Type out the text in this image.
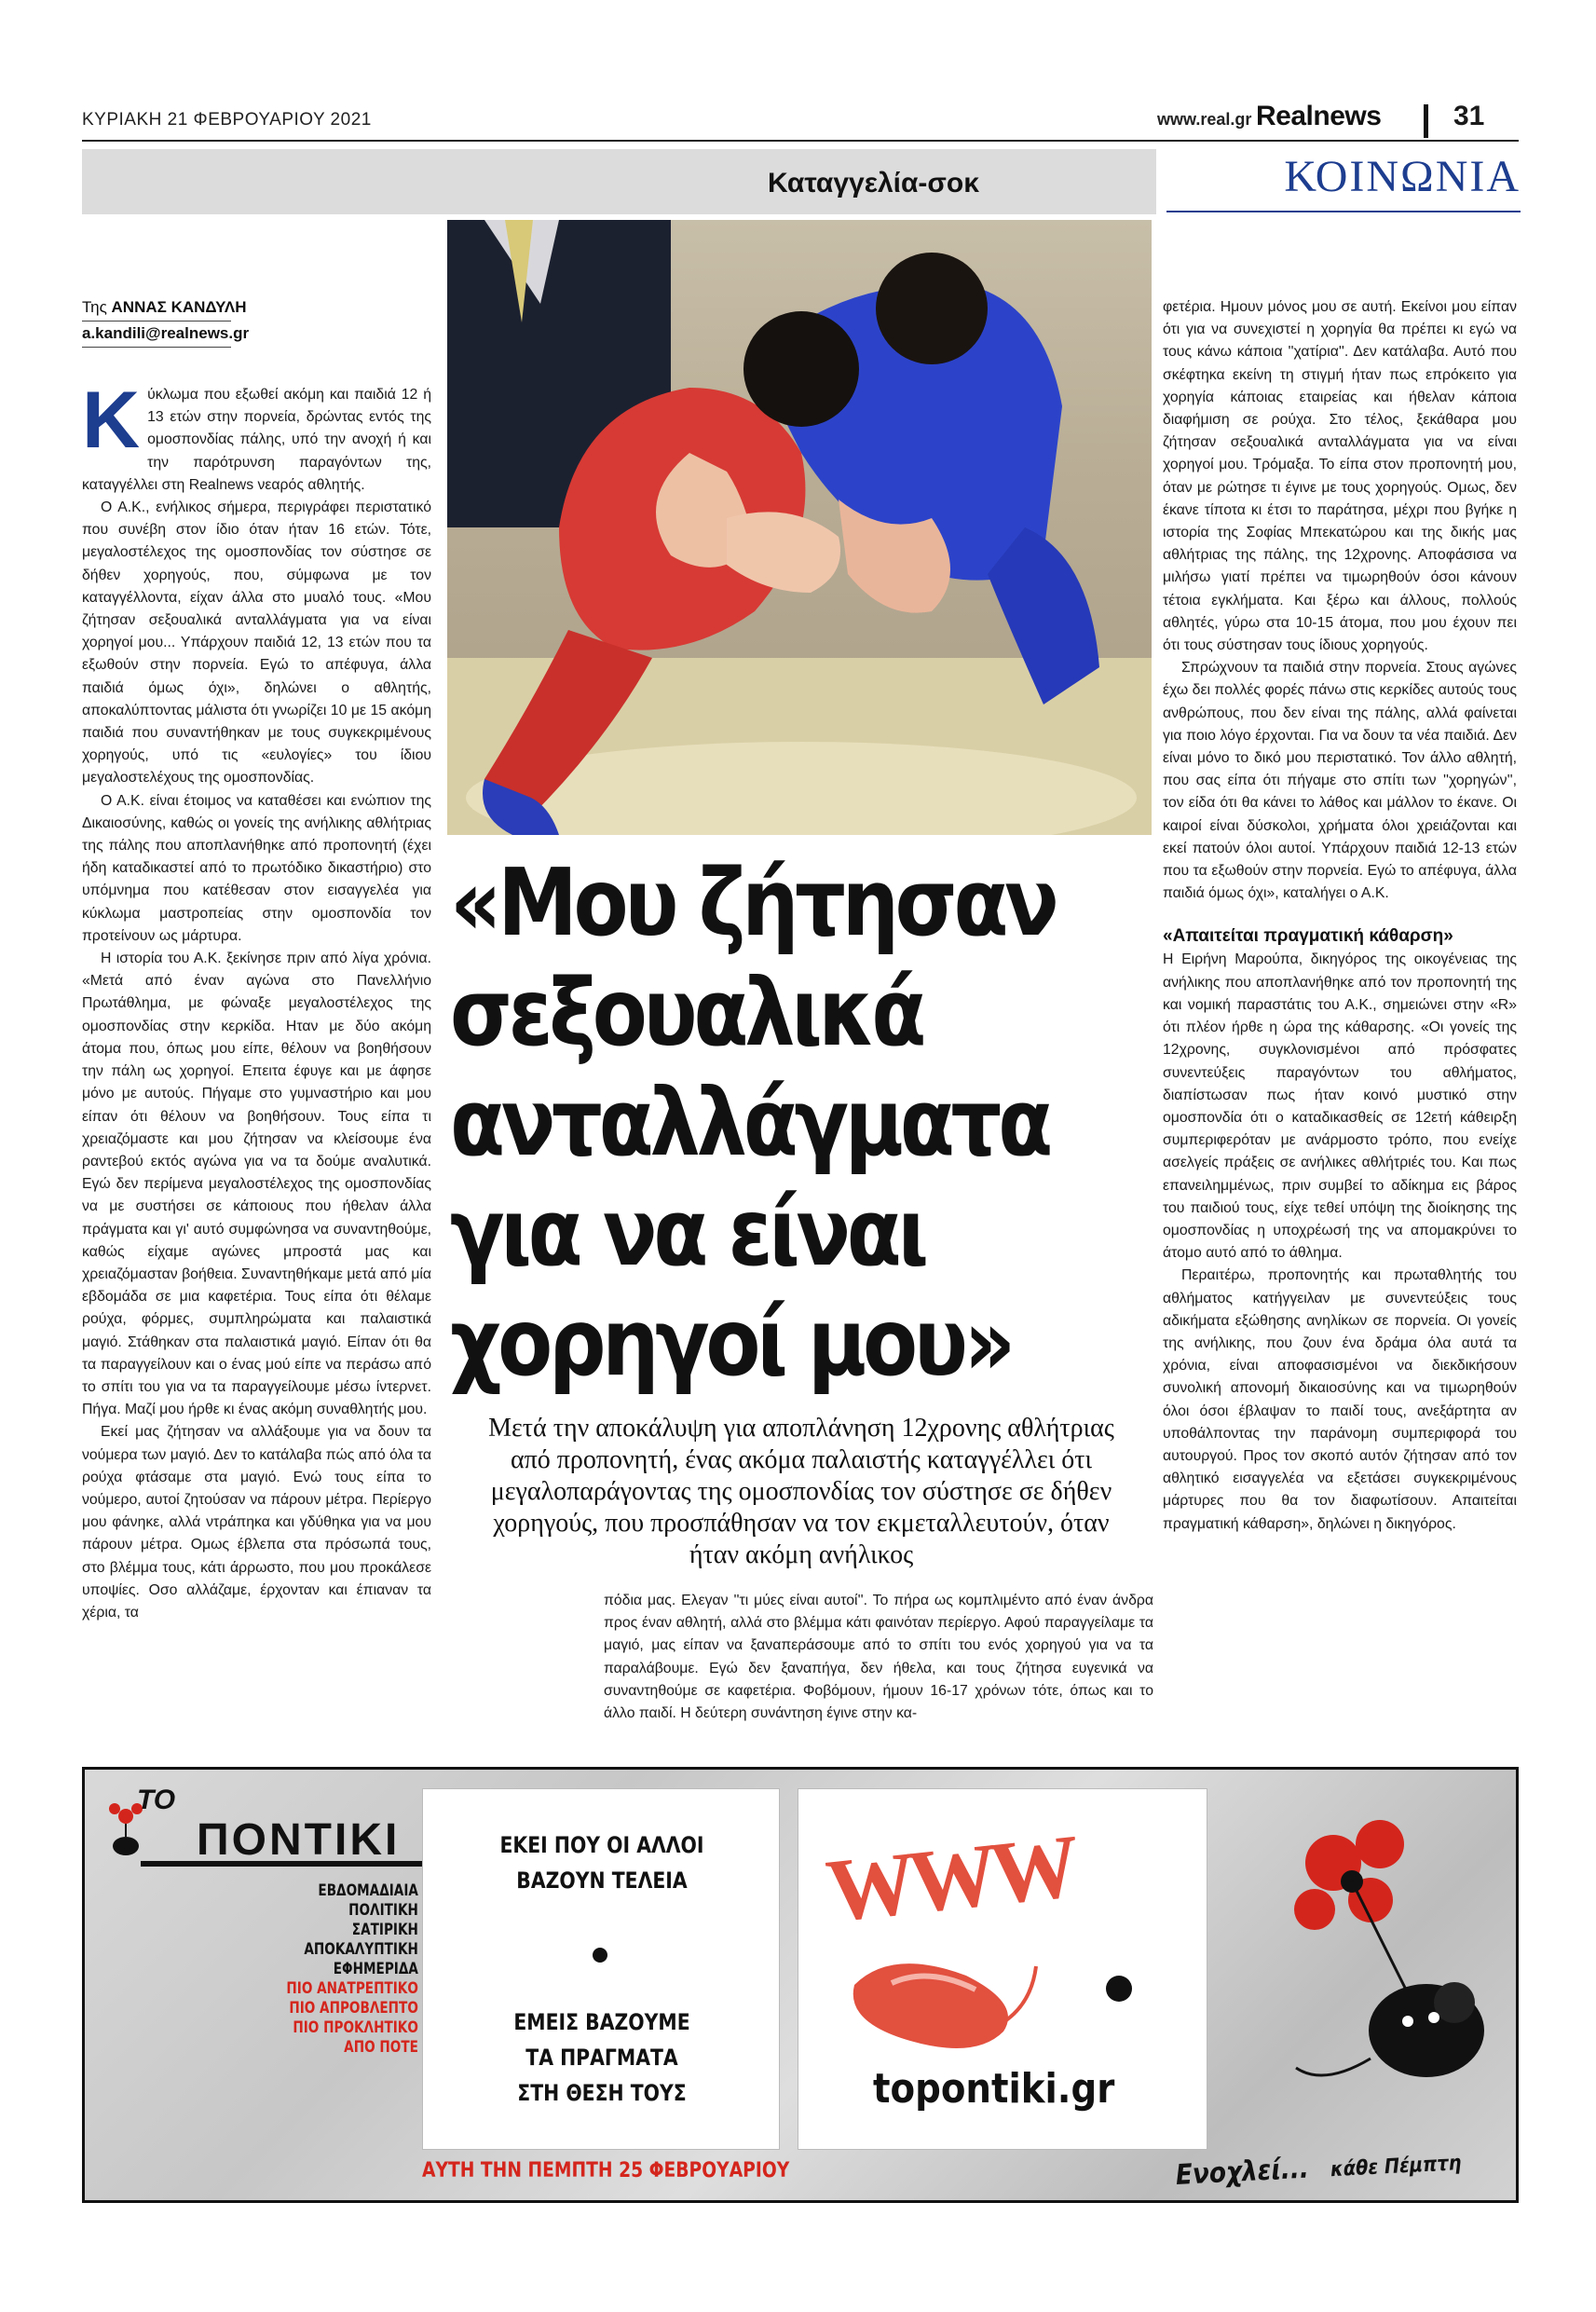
ΚΥΡΙΑΚΗ 21 ΦΕΒΡΟΥΑΡΙΟΥ 2021	www.real.gr Realnews	31
Καταγγελία-σοκ	ΚΟΙΝΩΝΙΑ
Της ΑΝΝΑΣ ΚΑΝΔΥΛΗ
a.kandili@realnews.gr

Κύκλωμα που εξωθεί ακόμη και παιδιά 12 ή 13 ετών στην πορνεία, δρώντας εντός της ομοσπονδίας πάλης, υπό την ανοχή ή και την παρότρυνση παραγόντων της, καταγγέλλει στη Realnews νεαρός αθλητής.

Ο Α.Κ., ενήλικος σήμερα, περιγράφει περιστατικό που συνέβη στον ίδιο όταν ήταν 16 ετών. Τότε, μεγαλοστέλεχος της ομοσπονδίας τον σύστησε σε δήθεν χορηγούς, που, σύμφωνα με τον καταγγέλλοντα, είχαν άλλα στο μυαλό τους. «Μου ζήτησαν σεξουαλικά ανταλλάγματα για να είναι χορηγοί μου... Υπάρχουν παιδιά 12, 13 ετών που τα εξωθούν στην πορνεία. Εγώ το απέφυγα, άλλα παιδιά όμως όχι», δηλώνει ο αθλητής, αποκαλύπτοντας μάλιστα ότι γνωρίζει 10 με 15 ακόμη παιδιά που συναντήθηκαν με τους συγκεκριμένους χορηγούς, υπό τις «ευλογίες» του ίδιου μεγαλοστελέχους της ομοσπονδίας.

Ο Α.Κ. είναι έτοιμος να καταθέσει και ενώπιον της Δικαιοσύνης, καθώς οι γονείς της ανήλικης αθλήτριας της πάλης που αποπλανήθηκε από προπονητή (έχει ήδη καταδικαστεί από το πρωτόδικο δικαστήριο) στο υπόμνημα που κατέθεσαν στον εισαγγελέα για κύκλωμα μαστροπείας στην ομοσπονδία τον προτείνουν ως μάρτυρα.

Η ιστορία του Α.Κ. ξεκίνησε πριν από λίγα χρόνια. «Μετά από έναν αγώνα στο Πανελλήνιο Πρωτάθλημα, με φώναξε μεγαλοστέλεχος της ομοσπονδίας στην κερκίδα. Ηταν με δύο ακόμη άτομα που, όπως μου είπε, θέλουν να βοηθήσουν την πάλη ως χορηγοί. Επειτα έφυγε και με άφησε μόνο με αυτούς. Πήγαμε στο γυμναστήριο και μου είπαν ότι θέλουν να βοηθήσουν. Τους είπα τι χρειαζόμαστε και μου ζήτησαν να κλείσουμε ένα ραντεβού εκτός αγώνα για να τα δούμε αναλυτικά. Εγώ δεν περίμενα μεγαλοστέλεχος της ομοσπονδίας να με συστήσει σε κάποιους που ήθελαν άλλα πράγματα και γι' αυτό συμφώνησα να συναντηθούμε, καθώς είχαμε αγώνες μπροστά μας και χρειαζόμασταν βοήθεια. Συναντηθήκαμε μετά από μία εβδομάδα σε μια καφετέρια. Τους είπα ότι θέλαμε ρούχα, φόρμες, συμπληρώματα και παλαιστικά μαγιό. Στάθηκαν στα παλαιστικά μαγιό. Είπαν ότι θα τα παραγγείλουν και ο ένας μού είπε να περάσω από το σπίτι του για να τα παραγγείλουμε μέσω ίντερνετ. Πήγα. Μαζί μου ήρθε κι ένας ακόμη συναθλητής μου.

Εκεί μας ζήτησαν να αλλάξουμε για να δουν τα νούμερα των μαγιό. Δεν το κατάλαβα πώς από όλα τα ρούχα φτάσαμε στα μαγιό. Ενώ τους είπα το νούμερο, αυτοί ζητούσαν να πάρουν μέτρα. Περίεργο μου φάνηκε, αλλά ντράπηκα και γδύθηκα για να μου πάρουν μέτρα. Ομως έβλεπα στα πρόσωπά τους, στο βλέμμα τους, κάτι άρρωστο, που μου προκάλεσε υποψίες. Οσο αλλάζαμε, έρχονταν και έπιαναν τα χέρια, τα

«Μου ζήτησαν
σεξουαλικά
ανταλλάγματα
για να είναι
χορηγοί μου»
Μετά την αποκάλυψη για αποπλάνηση 12χρονης αθλήτριας από προπονητή, ένας ακόμα παλαιστής καταγγέλλει ότι μεγαλοπαράγοντας της ομοσπονδίας τον σύστησε σε δήθεν χορηγούς, που προσπάθησαν να τον εκμεταλλευτούν, όταν ήταν ακόμη ανήλικος

πόδια μας. Ελεγαν ''τι μύες είναι αυτοί''. Το πήρα ως κομπλιμέντο από έναν άνδρα προς έναν αθλητή, αλλά στο βλέμμα κάτι φαινόταν περίεργο. Αφού παραγγείλαμε τα μαγιό, μας είπαν να ξαναπεράσουμε από το σπίτι του ενός χορηγού για να τα παραλάβουμε. Εγώ δεν ξαναπήγα, δεν ήθελα, και τους ζήτησα ευγενικά να συναντηθούμε σε καφετέρια. Φοβόμουν, ήμουν 16-17 χρόνων τότε, όπως και το άλλο παιδί. Η δεύτερη συνάντηση έγινε στην κα-

φετέρια. Ημουν μόνος μου σε αυτή. Εκείνοι μου είπαν ότι για να συνεχιστεί η χορηγία θα πρέπει κι εγώ να τους κάνω κάποια ''χατίρια''. Δεν κατάλαβα. Αυτό που σκέφτηκα εκείνη τη στιγμή ήταν πως επρόκειτο για χορηγία κάποιας εταιρείας και ήθελαν κάποια διαφήμιση σε ρούχα. Στο τέλος, ξεκάθαρα μου ζήτησαν σεξουαλικά ανταλλάγματα για να είναι χορηγοί μου. Τρόμαξα. Το είπα στον προπονητή μου, όταν με ρώτησε τι έγινε με τους χορηγούς. Ομως, δεν έκανε τίποτα κι έτσι το παράτησα, μέχρι που βγήκε η ιστορία της Σοφίας Μπεκατώρου και της δικής μας αθλήτριας της πάλης, της 12χρονης. Αποφάσισα να μιλήσω γιατί πρέπει να τιμωρηθούν όσοι κάνουν τέτοια εγκλήματα. Και ξέρω και άλλους, πολλούς αθλητές, γύρω στα 10-15 άτομα, που μου έχουν πει ότι τους σύστησαν τους ίδιους χορηγούς.

Σπρώχνουν τα παιδιά στην πορνεία. Στους αγώνες έχω δει πολλές φορές πάνω στις κερκίδες αυτούς τους ανθρώπους, που δεν είναι της πάλης, αλλά φαίνεται για ποιο λόγο έρχονται. Για να δουν τα νέα παιδιά. Δεν είναι μόνο το δικό μου περιστατικό. Τον άλλο αθλητή, που σας είπα ότι πήγαμε στο σπίτι των ''χορηγών'', τον είδα ότι θα κάνει το λάθος και μάλλον το έκανε. Οι καιροί είναι δύσκολοι, χρήματα όλοι χρειάζονται και εκεί πατούν όλοι αυτοί. Υπάρχουν παιδιά 12-13 ετών που τα εξωθούν στην πορνεία. Εγώ το απέφυγα, άλλα παιδιά όμως όχι», καταλήγει ο Α.Κ.

«Απαιτείται πραγματική κάθαρση»

Η Ειρήνη Μαρούπα, δικηγόρος της οικογένειας της ανήλικης που αποπλανήθηκε από τον προπονητή της και νομική παραστάτις του Α.Κ., σημειώνει στην «R» ότι πλέον ήρθε η ώρα της κάθαρσης. «Οι γονείς της 12χρονης, συγκλονισμένοι από πρόσφατες συνεντεύξεις παραγόντων του αθλήματος, διαπίστωσαν πως ήταν κοινό μυστικό στην ομοσπονδία ότι ο καταδικασθείς σε 12ετή κάθειρξη συμπεριφερόταν με ανάρμοστο τρόπο, που ενείχε ασελγείς πράξεις σε ανήλικες αθλήτριές του. Και πως επανειλημμένως, πριν συμβεί το αδίκημα εις βάρος του παιδιού τους, είχε τεθεί υπόψη της διοίκησης της ομοσπονδίας η υποχρέωσή της να απομακρύνει το άτομο αυτό από το άθλημα.

Περαιτέρω, προπονητής και πρωταθλητής του αθλήματος κατήγγειλαν με συνεντεύξεις τους αδικήματα εξώθησης ανηλίκων σε πορνεία. Οι γονείς της ανήλικης, που ζουν ένα δράμα όλα αυτά τα χρόνια, είναι αποφασισμένοι να διεκδικήσουν συνολική απονομή δικαιοσύνης και να τιμωρηθούν όλοι όσοι έβλαψαν το παιδί τους, ανεξάρτητα αν υποθάλποντας την παράνομη συμπεριφορά του αυτουργού. Προς τον σκοπό αυτόν ζήτησαν από τον αθλητικό εισαγγελέα να εξετάσει συγκεκριμένους μάρτυρες που θα τον διαφωτίσουν. Απαιτείται πραγματική κάθαρση», δηλώνει η δικηγόρος.

ΤΟ
ΠΟΝΤΙΚΙ
ΕΒΔΟΜΑΔΙΑΙΑ
ΠΟΛΙΤΙΚΗ
ΣΑΤΙΡΙΚΗ
ΑΠΟΚΑΛΥΠΤΙΚΗ
ΕΦΗΜΕΡΙΔΑ
ΠΙΟ ΑΝΑΤΡΕΠΤΙΚΟ
ΠΙΟ ΑΠΡΟΒΛΕΠΤΟ
ΠΙΟ ΠΡΟΚΛΗΤΙΚΟ
ΑΠΟ ΠΟΤΕ
ΕΚΕΙ ΠΟΥ ΟΙ ΑΛΛΟΙ
ΒΑΖΟΥΝ ΤΕΛΕΙΑ
ΕΜΕΙΣ ΒΑΖΟΥΜΕ
ΤΑ ΠΡΑΓΜΑΤΑ
ΣΤΗ ΘΕΣΗ ΤΟΥΣ
WWW
topontiki.gr
ΑΥΤΗ ΤΗΝ ΠΕΜΠΤΗ 25 ΦΕΒΡΟΥΑΡΙΟΥ	Ενοχλεί... κάθε Πέμπτη
